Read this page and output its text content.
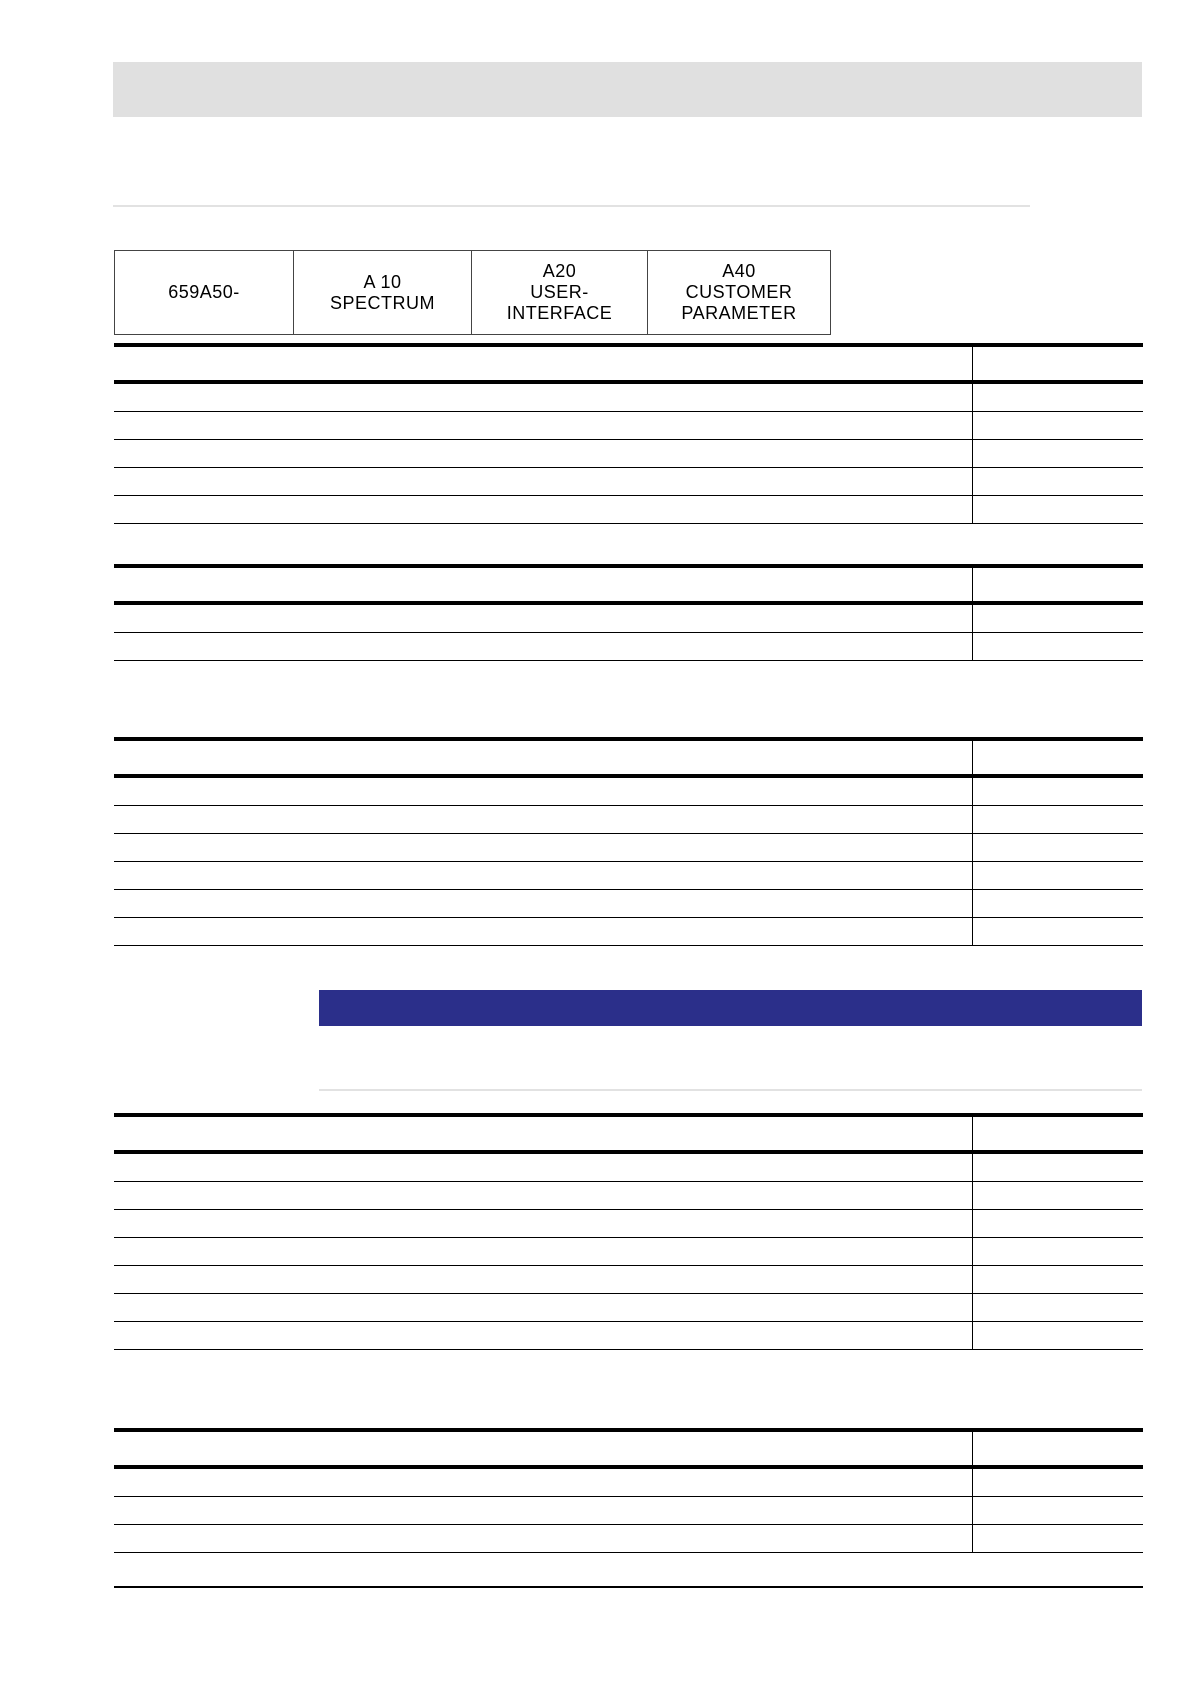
659A50-
A 10
SPECTRUM
A20
USER-
INTERFACE
A40
CUSTOMER
PARAMETER
